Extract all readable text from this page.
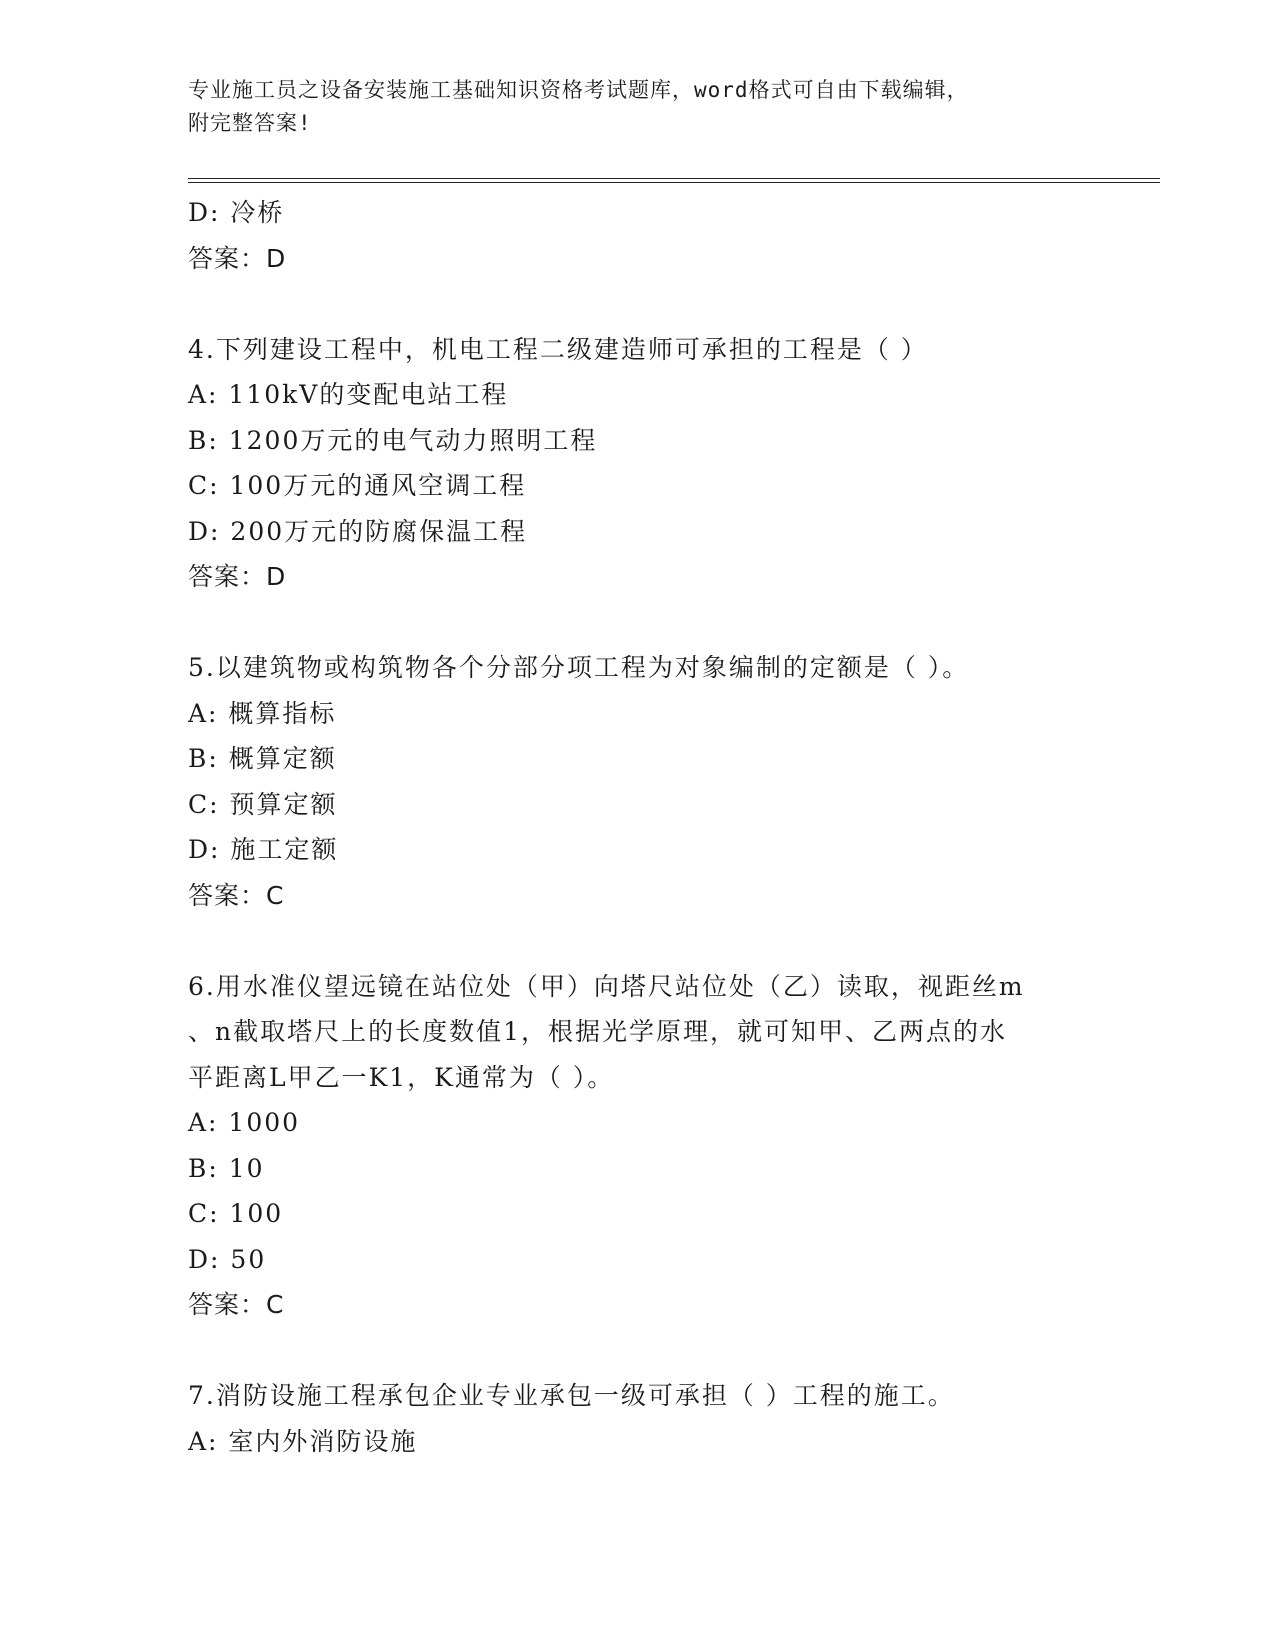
专业施工员之设备安装施工基础知识资格考试题库，word格式可自由下载编辑，
附完整答案!
D: 冷桥
答案：D
4.下列建设工程中，机电工程二级建造师可承担的工程是（ ）
A: 110kV的变配电站工程
B: 1200万元的电气动力照明工程
C: 100万元的通风空调工程
D: 200万元的防腐保温工程
答案：D
5.以建筑物或构筑物各个分部分项工程为对象编制的定额是（ ）。
A: 概算指标
B: 概算定额
C: 预算定额
D: 施工定额
答案：C
6.用水准仪望远镜在站位处（甲）向塔尺站位处（乙）读取，视距丝m
、n截取塔尺上的长度数值1，根据光学原理，就可知甲、乙两点的水
平距离L甲乙一K1，K通常为（ ）。
A: 1000
B: 10
C: 100
D: 50
答案：C
7.消防设施工程承包企业专业承包一级可承担（ ）工程的施工。
A: 室内外消防设施
